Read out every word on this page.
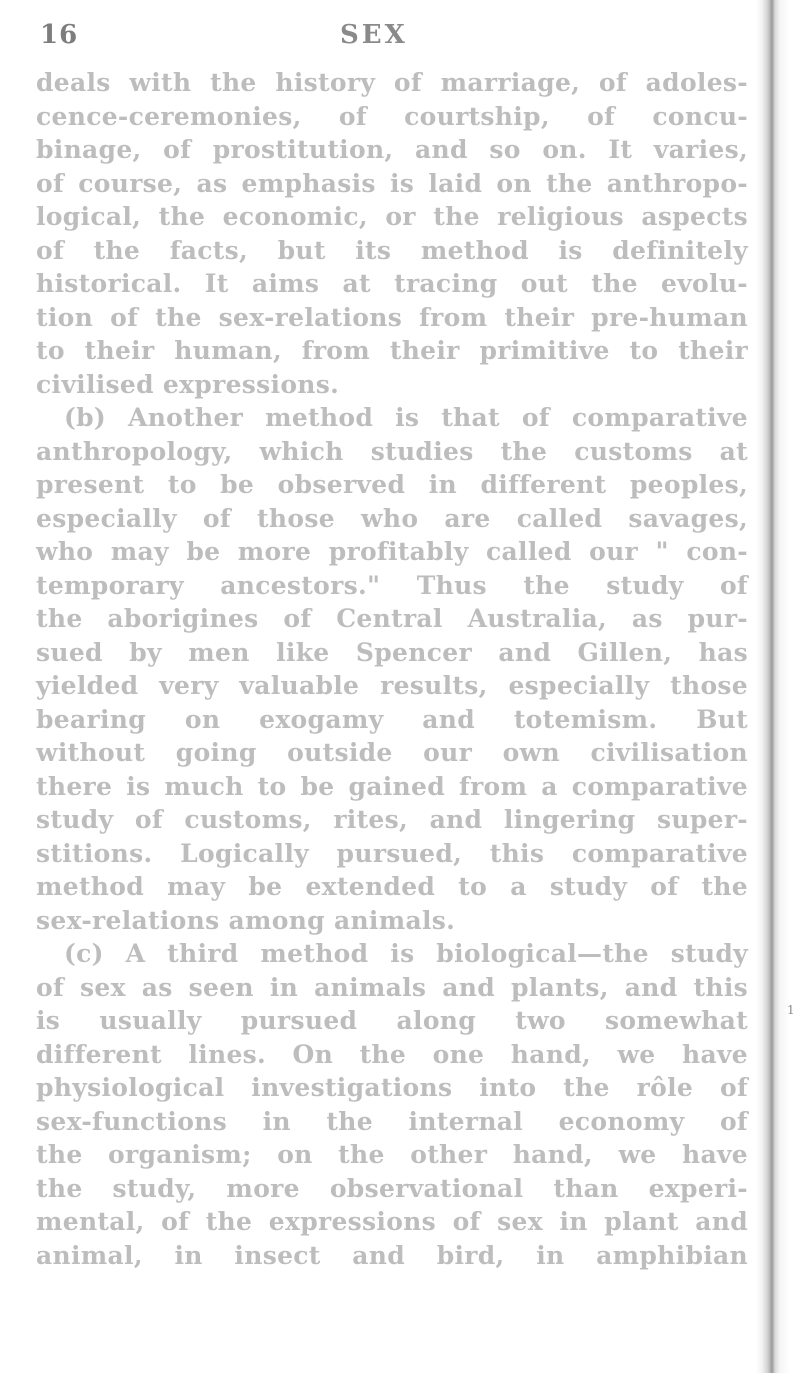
1
16	SEX
deals with the history of marriage, of adoles-
cence-ceremonies, of courtship, of concu-
binage, of prostitution, and so on. It varies,
of course, as emphasis is laid on the anthropo-
logical, the economic, or the religious aspects
of the facts, but its method is definitely
historical. It aims at tracing out the evolu-
tion of the sex-relations from their pre-human
to their human, from their primitive to their
civilised expressions.
(b) Another method is that of comparative
anthropology, which studies the customs at
present to be observed in different peoples,
especially of those who are called savages,
who may be more profitably called our " con-
temporary ancestors." Thus the study of
the aborigines of Central Australia, as pur-
sued by men like Spencer and Gillen, has
yielded very valuable results, especially those
bearing on exogamy and totemism. But
without going outside our own civilisation
there is much to be gained from a comparative
study of customs, rites, and lingering super-
stitions. Logically pursued, this comparative
method may be extended to a study of the
sex-relations among animals.
(c) A third method is biological—the study
of sex as seen in animals and plants, and this
is usually pursued along two somewhat
different lines. On the one hand, we have
physiological investigations into the rôle of
sex-functions in the internal economy of
the organism; on the other hand, we have
the study, more observational than experi-
mental, of the expressions of sex in plant and
animal, in insect and bird, in amphibian
